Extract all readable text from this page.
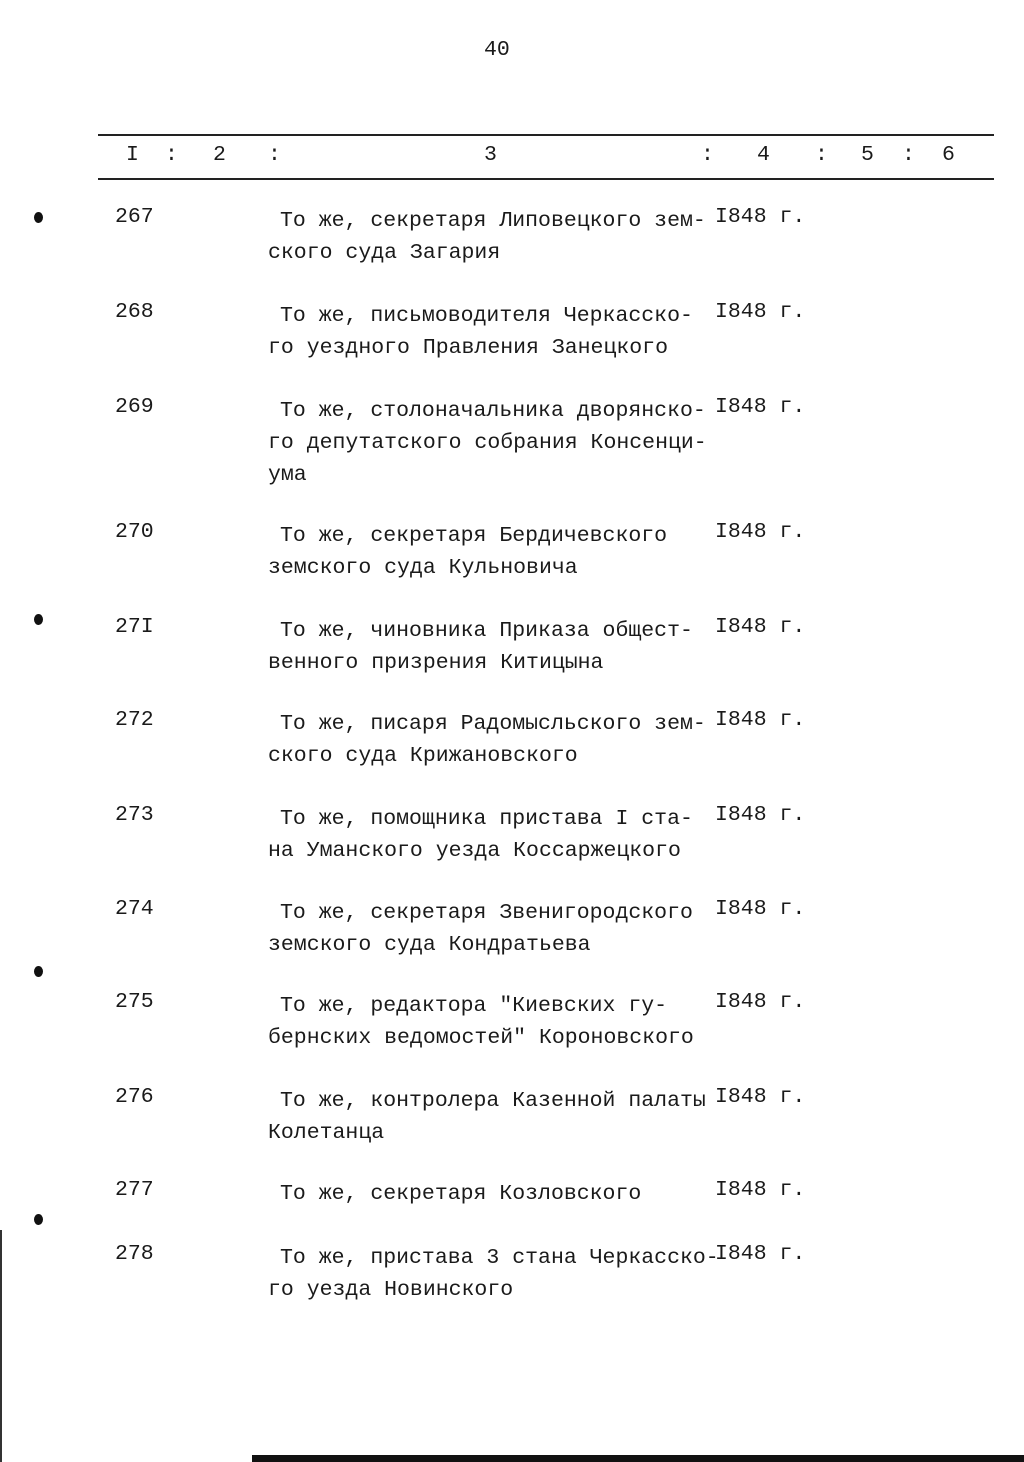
40
I : 2 :	3	: 4 : 5 : 6
267	То же, секретаря Липовецкого зем-
ского суда Загария
I848 г.
268	То же, письмоводителя Черкасско-
го уездного Правления Занецкого
I848 г.
269	То же, столоначальника дворянско-
го депутатского собрания Консенци-
ума
I848 г.
270	То же, секретаря Бердичевского
земского суда Кульновича
I848 г.
27I	То же, чиновника Приказа общест-
венного призрения Китицына
I848 г.
272	То же, писаря Радомысльского зем-
ского суда Крижановского
I848 г.
273	То же, помощника пристава I ста-
на Уманского уезда Коссаржецкого
I848 г.
274	То же, секретаря Звенигородского
земского суда Кондратьева
I848 г.
275	То же, редактора "Киевских гу-
бернских ведомостей" Короновского
I848 г.
276	То же, контролера Казенной палаты
Колетанца
I848 г.
277	То же, секретаря Козловского	I848 г.
278	То же, пристава 3 стана Черкасско-
го уезда Новинского
I848 г.
